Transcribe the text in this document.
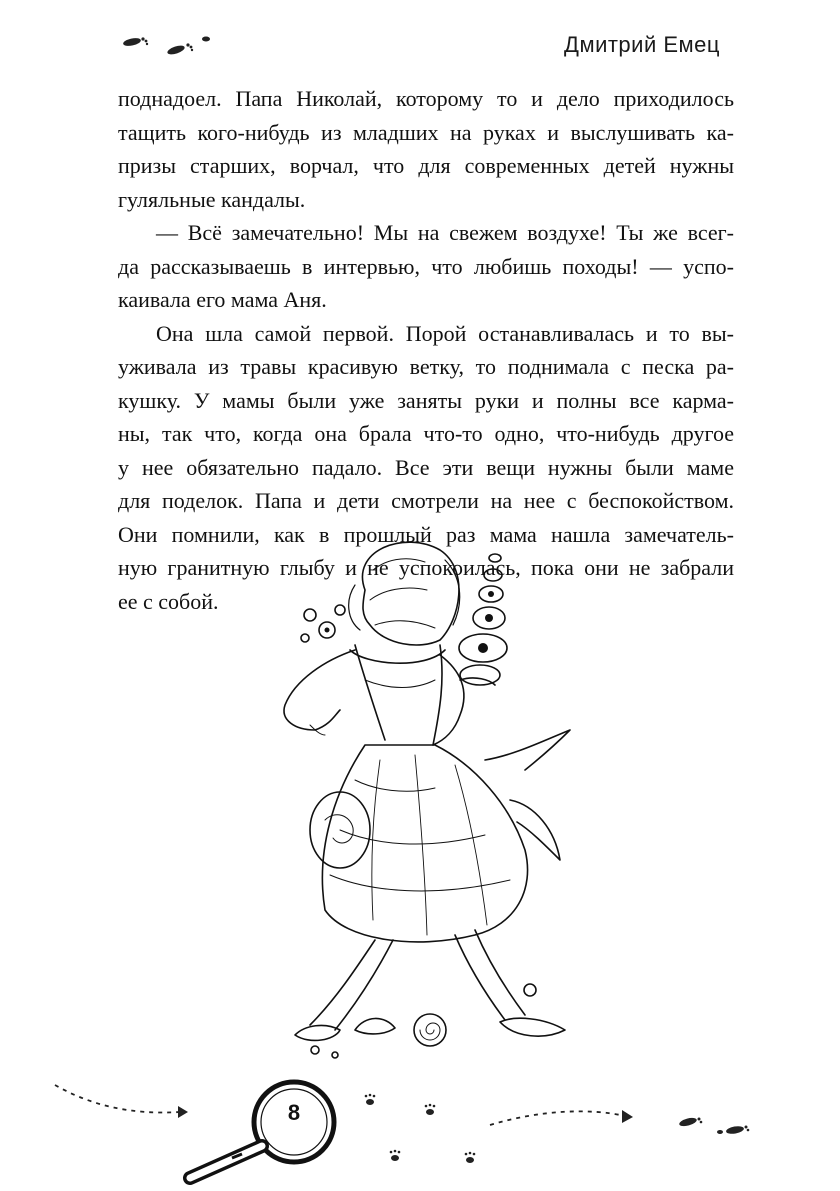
Дмитрий Емец
поднадоел. Папа Николай, которому то и дело приходилось
тащить кого-нибудь из младших на руках и выслушивать ка-
призы старших, ворчал, что для современных детей нужны
гуляльные кандалы.
— Всё замечательно! Мы на свежем воздухе! Ты же всег-
да рассказываешь в интервью, что любишь походы! — успо-
каивала его мама Аня.
Она шла самой первой. Порой останавливалась и то вы-
уживала из травы красивую ветку, то поднимала с песка ра-
кушку. У мамы были уже заняты руки и полны все карма-
ны, так что, когда она брала что-то одно, что-нибудь другое
у нее обязательно падало. Все эти вещи нужны были маме
для поделок. Папа и дети смотрели на нее с беспокойством.
Они помнили, как в прошлый раз мама нашла замечатель-
ную гранитную глыбу и не успокоилась, пока они не забрали
ее с собой.
8
